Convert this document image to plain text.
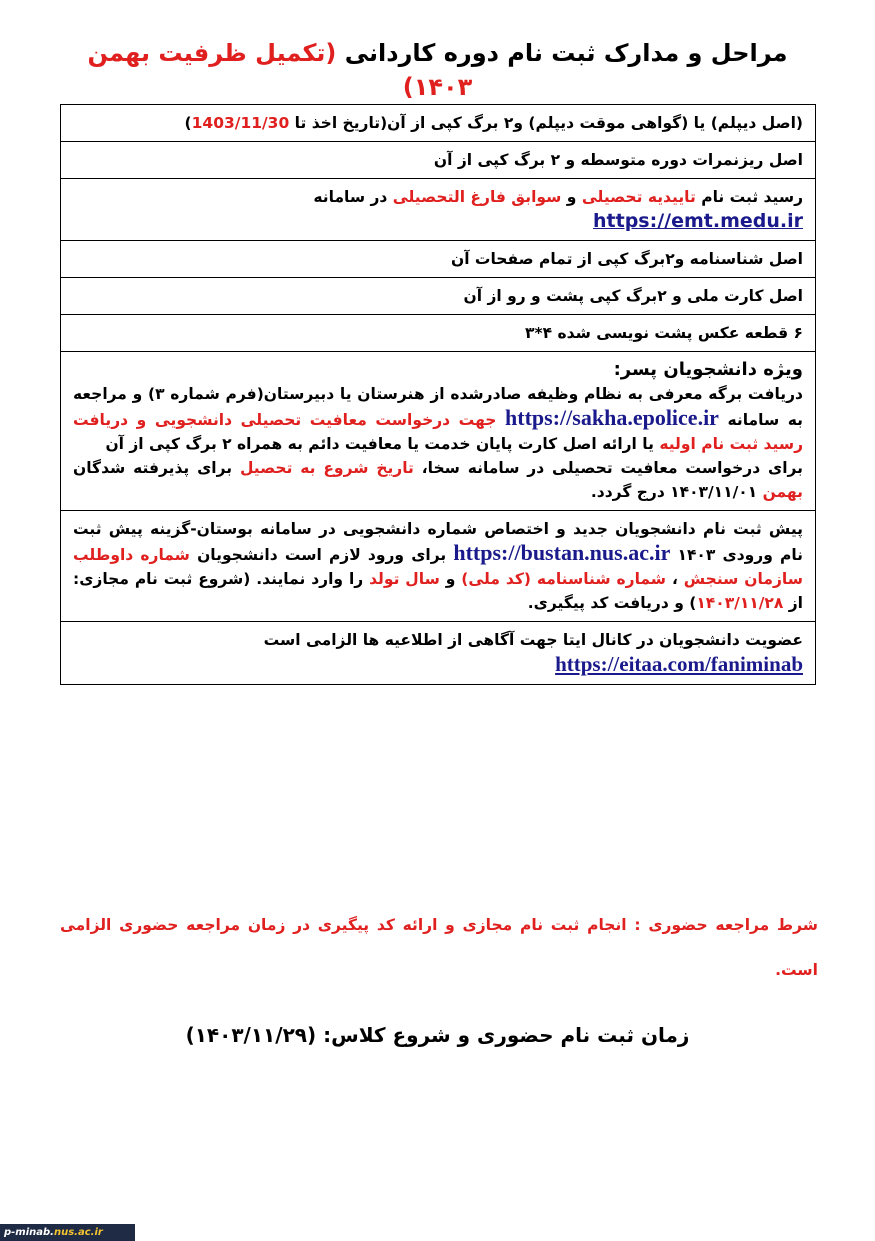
مراحل و مدارک ثبت نام دوره کاردانی (تکمیل ظرفیت بهمن ۱۴۰۳)
(اصل دیپلم) یا (گواهی موقت دیپلم) و۲ برگ کپی از آن(تاریخ اخذ تا 1403/11/30)
اصل ریزنمرات دوره متوسطه و ۲ برگ کپی از آن
رسید ثبت نام تاییدیه تحصیلی و سوابق فارغ التحصیلی در سامانه
https://emt.medu.ir
اصل شناسنامه و۲برگ کپی از تمام صفحات آن
اصل کارت ملی و ۲برگ کپی پشت و رو از آن
۶ قطعه عکس پشت نویسی شده ۴*۳

ویژه دانشجویان پسر:
دریافت برگه معرفی به نظام وظیفه صادرشده از هنرستان یا دبیرستان(فرم شماره ۳) و مراجعه به سامانه https://sakha.epolice.ir جهت درخواست معافیت تحصیلی دانشجویی و دریافت رسید ثبت نام اولیه یا ارائه اصل کارت پایان خدمت یا معافیت دائم به همراه ۲ برگ کپی از آن
برای درخواست معافیت تحصیلی در سامانه سخا، تاریخ شروع به تحصیل برای پذیرفته شدگان بهمن ۱۴۰۳/۱۱/۰۱ درج گردد.
پیش ثبت نام دانشجویان جدید و اختصاص شماره دانشجویی در سامانه بوستان-گزینه پیش ثبت نام ورودی ۱۴۰۳ https://bustan.nus.ac.ir برای ورود لازم است دانشجویان شماره داوطلب سازمان سنجش ، شماره شناسنامه (کد ملی) و سال تولد را وارد نمایند. (شروع ثبت نام مجازی: از ۱۴۰۳/۱۱/۲۸) و دریافت کد پیگیری.

عضویت دانشجویان در کانال ایتا جهت آگاهی از اطلاعیه ها الزامی است
https://eitaa.com/faniminab
شرط مراجعه حضوری : انجام ثبت نام مجازی و ارائه کد پیگیری در زمان مراجعه حضوری الزامی است.
زمان ثبت نام حضوری و شروع کلاس: (۱۴۰۳/۱۱/۲۹)
p-minab.nus.ac.ir
